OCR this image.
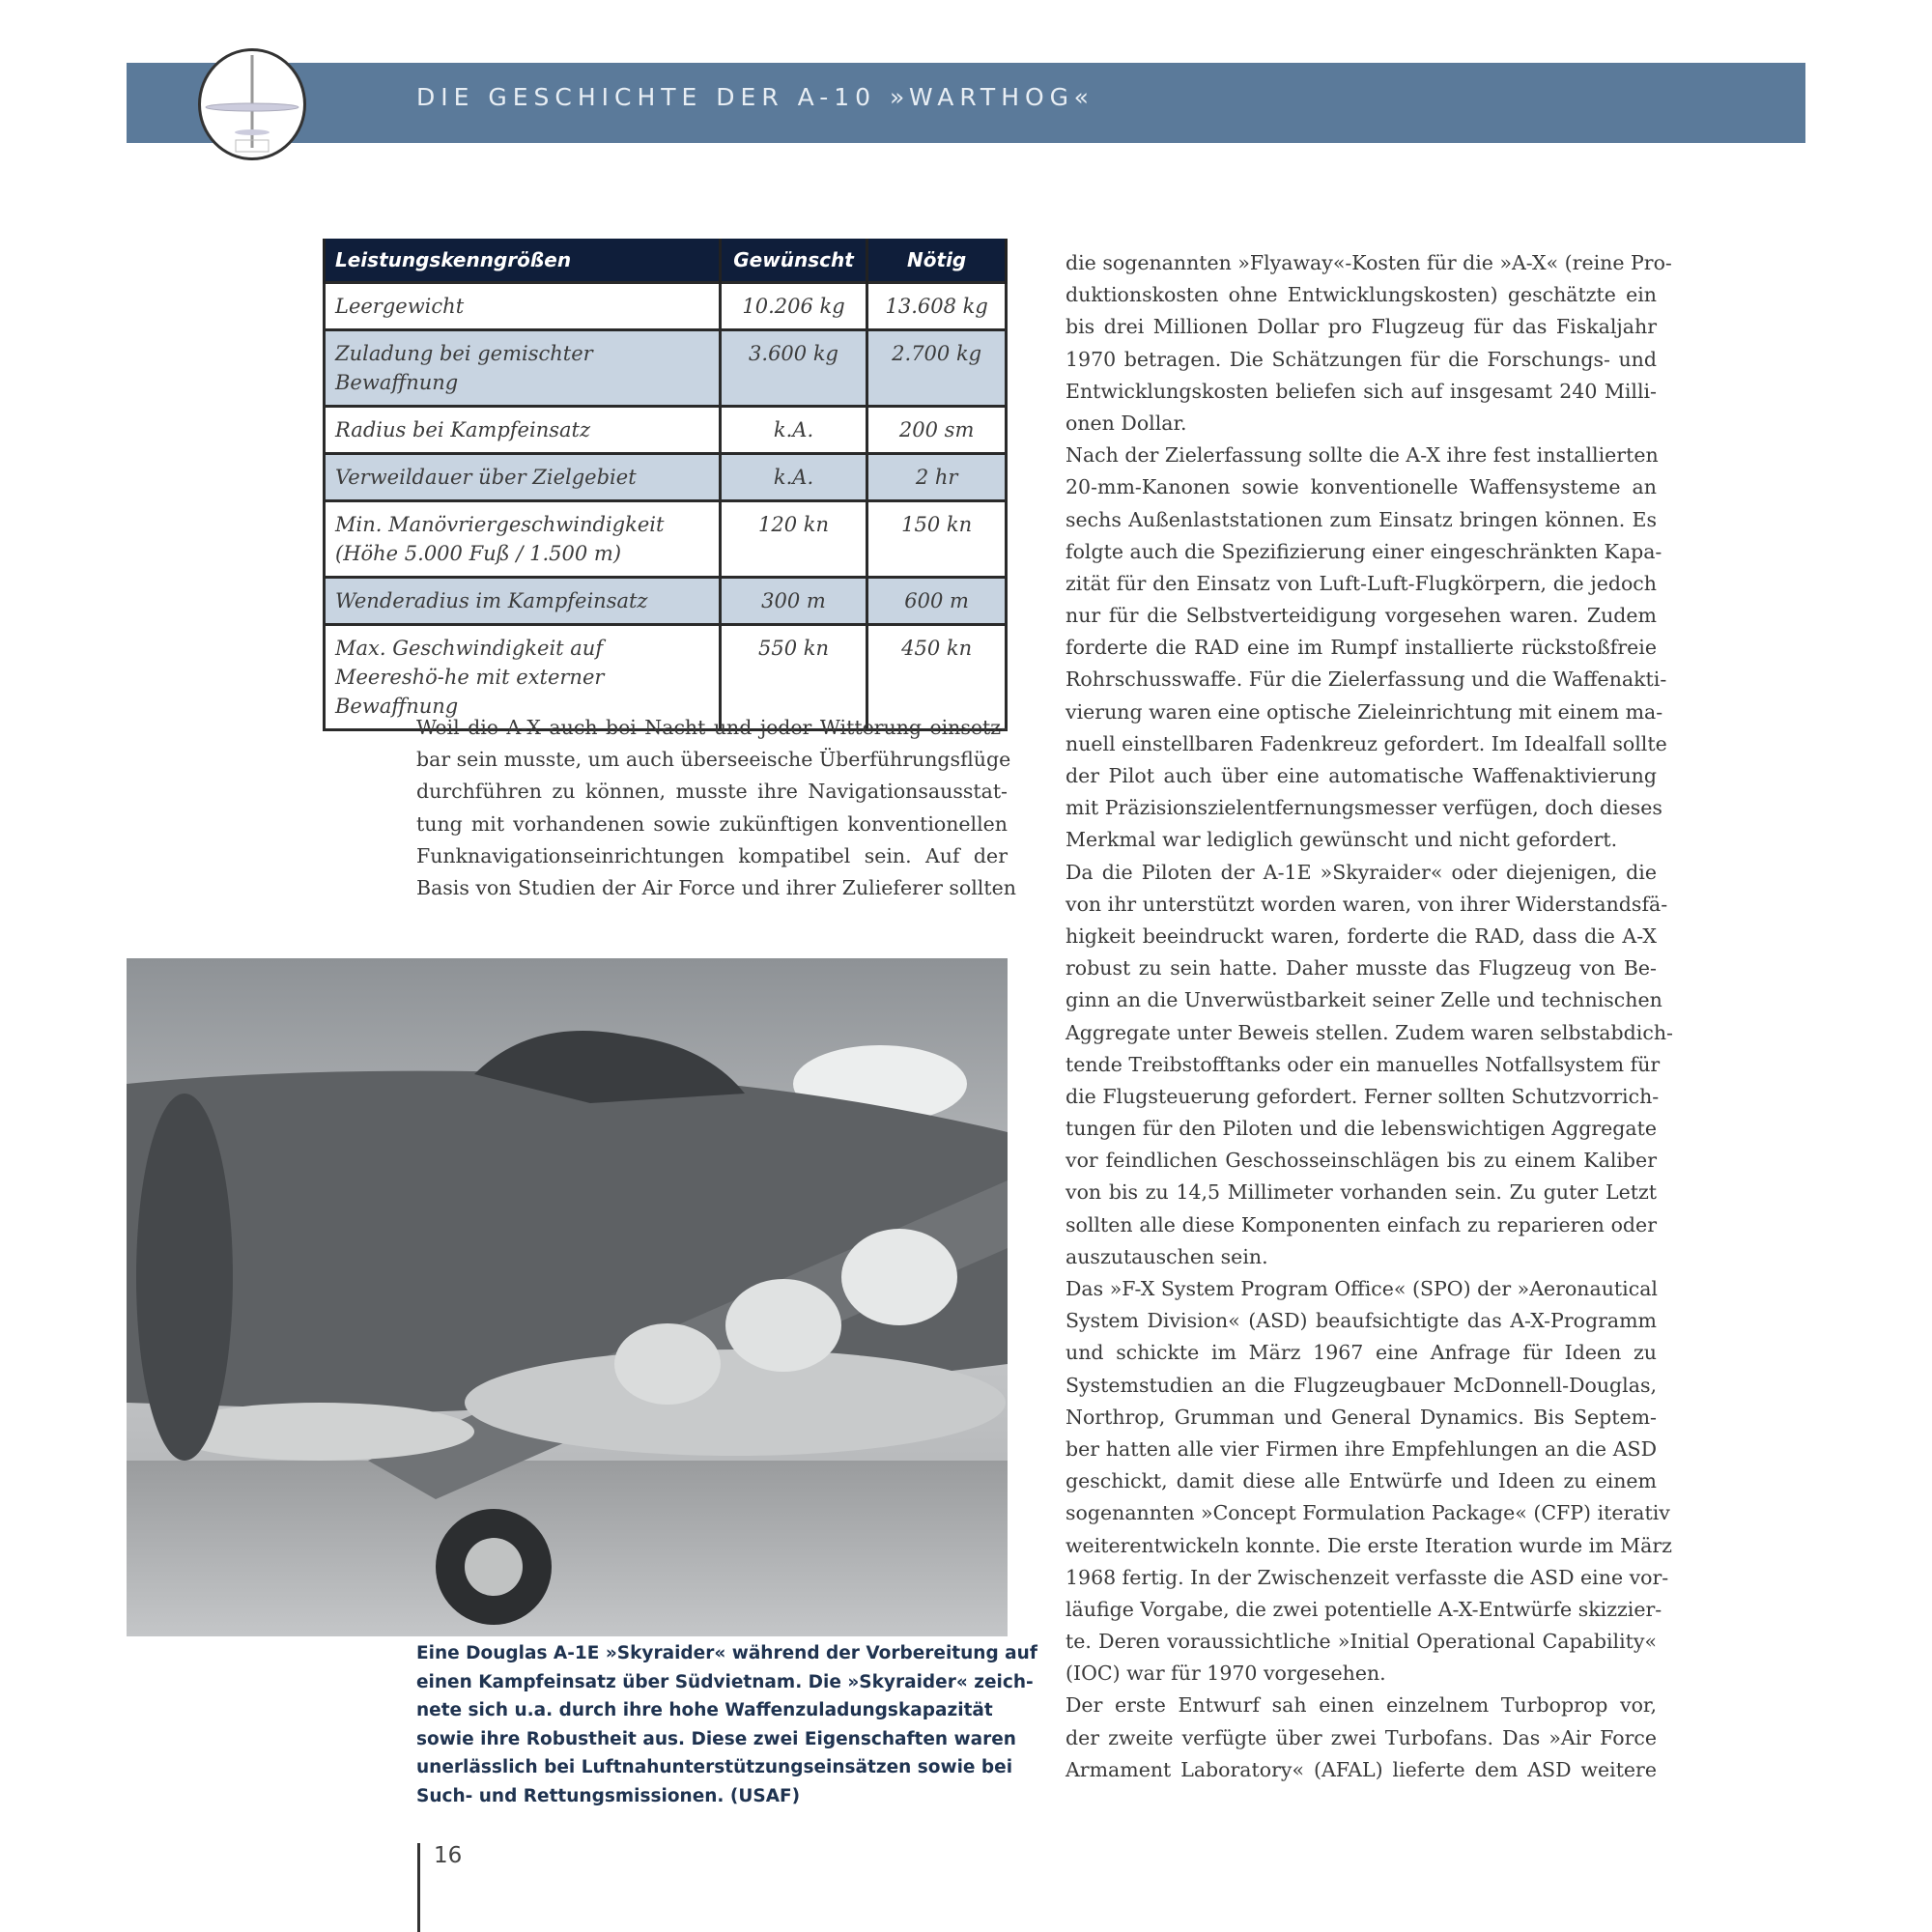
DIE GESCHICHTE DER A-10 »WARTHOG«
Leistungskenngrößen	Gewünscht	Nötig
Leergewicht	10.206 kg	13.608 kg
Zuladung bei gemischter Bewaffnung	3.600 kg	2.700 kg
Radius bei Kampfeinsatz	k.A.	200 sm
Verweildauer über Zielgebiet	k.A.	2 hr
Min. Manövriergeschwindigkeit (Höhe 5.000 Fuß / 1.500 m)	120 kn	150 kn
Wenderadius im Kampfeinsatz	300 m	600 m
Max. Geschwindigkeit auf Meereshö-he mit externer Bewaffnung	550 kn	450 kn
Weil die A-X auch bei Nacht und jeder Witterung einsetz-
bar sein musste, um auch überseeische Überführungsflüge
durchführen zu können, musste ihre Navigationsausstat-
tung mit vorhandenen sowie zukünftigen konventionellen
Funknavigationseinrichtungen kompatibel sein. Auf der
Basis von Studien der Air Force und ihrer Zulieferer sollten
Eine Douglas A-1E »Skyraider« während der Vorbereitung auf
einen Kampfeinsatz über Südvietnam. Die »Skyraider« zeich-
nete sich u.a. durch ihre hohe Waffenzuladungskapazität
sowie ihre Robustheit aus. Diese zwei Eigenschaften waren
unerlässlich bei Luftnahunterstützungseinsätzen sowie bei
Such- und Rettungsmissionen. (USAF)
die sogenannten »Flyaway«-Kosten für die »A-X« (reine Pro-
duktionskosten ohne Entwicklungskosten) geschätzte ein
bis drei Millionen Dollar pro Flugzeug für das Fiskaljahr
1970 betragen. Die Schätzungen für die Forschungs- und
Entwicklungskosten beliefen sich auf insgesamt 240 Milli-
onen Dollar.
Nach der Zielerfassung sollte die A-X ihre fest installierten
20-mm-Kanonen sowie konventionelle Waffensysteme an
sechs Außenlaststationen zum Einsatz bringen können. Es
folgte auch die Spezifizierung einer eingeschränkten Kapa-
zität für den Einsatz von Luft-Luft-Flugkörpern, die jedoch
nur für die Selbstverteidigung vorgesehen waren. Zudem
forderte die RAD eine im Rumpf installierte rückstoßfreie
Rohrschusswaffe. Für die Zielerfassung und die Waffenakti-
vierung waren eine optische Zieleinrichtung mit einem ma-
nuell einstellbaren Fadenkreuz gefordert. Im Idealfall sollte
der Pilot auch über eine automatische Waffenaktivierung
mit Präzisionszielentfernungsmesser verfügen, doch dieses
Merkmal war lediglich gewünscht und nicht gefordert.
Da die Piloten der A-1E »Skyraider« oder diejenigen, die
von ihr unterstützt worden waren, von ihrer Widerstandsfä-
higkeit beeindruckt waren, forderte die RAD, dass die A-X
robust zu sein hatte. Daher musste das Flugzeug von Be-
ginn an die Unverwüstbarkeit seiner Zelle und technischen
Aggregate unter Beweis stellen. Zudem waren selbstabdich-
tende Treibstofftanks oder ein manuelles Notfallsystem für
die Flugsteuerung gefordert. Ferner sollten Schutzvorrich-
tungen für den Piloten und die lebenswichtigen Aggregate
vor feindlichen Geschosseinschlägen bis zu einem Kaliber
von bis zu 14,5 Millimeter vorhanden sein. Zu guter Letzt
sollten alle diese Komponenten einfach zu reparieren oder
auszutauschen sein.
Das »F-X System Program Office« (SPO) der »Aeronautical
System Division« (ASD) beaufsichtigte das A-X-Programm
und schickte im März 1967 eine Anfrage für Ideen zu
Systemstudien an die Flugzeugbauer McDonnell-Douglas,
Northrop, Grumman und General Dynamics. Bis Septem-
ber hatten alle vier Firmen ihre Empfehlungen an die ASD
geschickt, damit diese alle Entwürfe und Ideen zu einem
sogenannten »Concept Formulation Package« (CFP) iterativ
weiterentwickeln konnte. Die erste Iteration wurde im März
1968 fertig. In der Zwischenzeit verfasste die ASD eine vor-
läufige Vorgabe, die zwei potentielle A-X-Entwürfe skizzier-
te. Deren voraussichtliche »Initial Operational Capability«
(IOC) war für 1970 vorgesehen.
Der erste Entwurf sah einen einzelnem Turboprop vor,
der zweite verfügte über zwei Turbofans. Das »Air Force
Armament Laboratory« (AFAL) lieferte dem ASD weitere
16
